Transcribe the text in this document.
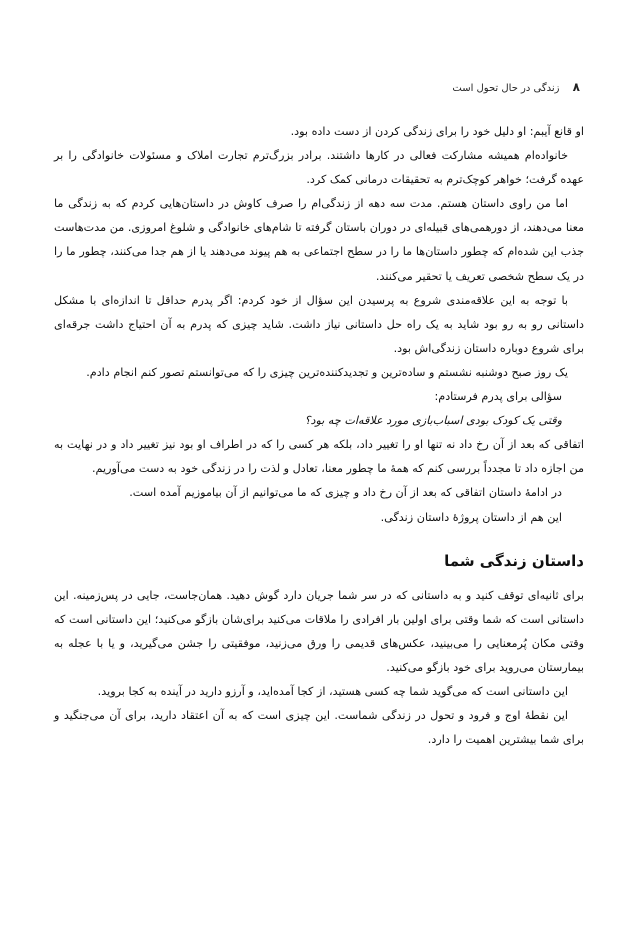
۸ زندگی در حال تحول است

او قانع آیبم: او دلیل خود را برای زندگی کردن از دست داده بود.

خانواده‌ام همیشه مشارکت فعالی در کارها داشتند. برادر بزرگ‌ترم تجارت املاک و مسئولات خانوادگی را بر عهده گرفت؛ خواهر کوچک‌ترم به تحقیقات درمانی کمک کرد.

اما من راوی داستان هستم. مدت سه دهه از زندگی‌ام را صرف کاوش در داستان‌هایی کردم که به زندگی ما معنا می‌دهند، از دورهمی‌های قبیله‌ای در دوران باستان گرفته تا شام‌های خانوادگی و شلوغ امروزی. من مدت‌هاست جذب این شده‌ام که چطور داستان‌ها ما را در سطح اجتماعی به هم پیوند می‌دهند یا از هم جدا می‌کنند، چطور ما را در یک سطح شخصی تعریف یا تحقیر می‌کنند.

با توجه به این علاقه‌مندی شروع به پرسیدن این سؤال از خود کردم: اگر پدرم حداقل تا اندازه‌ای با مشکل داستانی رو به رو بود شاید به یک راه حل داستانی نیاز داشت. شاید چیزی که پدرم به آن احتیاج داشت جرقه‌ای برای شروع دوباره داستان زندگی‌اش بود.

یک روز صبح دوشنبه نشستم و ساده‌ترین و تجدیدکننده‌ترین چیزی را که می‌توانستم تصور کنم انجام دادم.

سؤالی برای پدرم فرستادم:

وقتی یک کودک بودی اسباب‌بازی مورد علاقه‌ات چه بود؟

اتفاقی که بعد از آن رخ داد نه تنها او را تغییر داد، بلکه هر کسی را که در اطراف او بود نیز تغییر داد و در نهایت به من اجازه داد تا مجدداً بررسی کنم که همهٔ ما چطور معنا، تعادل و لذت را در زندگی خود به دست می‌آوریم.

در ادامهٔ داستان اتفاقی که بعد از آن رخ داد و چیزی که ما می‌توانیم از آن بیاموزیم آمده است.

این هم از داستان پروژهٔ داستان زندگی.

داستان زندگی شما

برای ثانیه‌ای توقف کنید و به داستانی که در سر شما جریان دارد گوش دهید. همان‌جاست، جایی در پس‌زمینه. این داستانی است که شما وقتی برای اولین بار افرادی را ملاقات می‌کنید برای‌شان بازگو می‌کنید؛ این داستانی است که وقتی مکان پُرمعنایی را می‌بینید، عکس‌های قدیمی را ورق می‌زنید، موفقیتی را جشن می‌گیرید، و یا با عجله به بیمارستان می‌روید برای خود بازگو می‌کنید.

این داستانی است که می‌گوید شما چه کسی هستید، از کجا آمده‌اید، و آرزو دارید در آینده به کجا بروید.

این نقطهٔ اوج و فرود و تحول در زندگی شماست. این چیزی است که به آن اعتقاد دارید، برای آن می‌جنگید و برای شما بیشترین اهمیت را دارد.
